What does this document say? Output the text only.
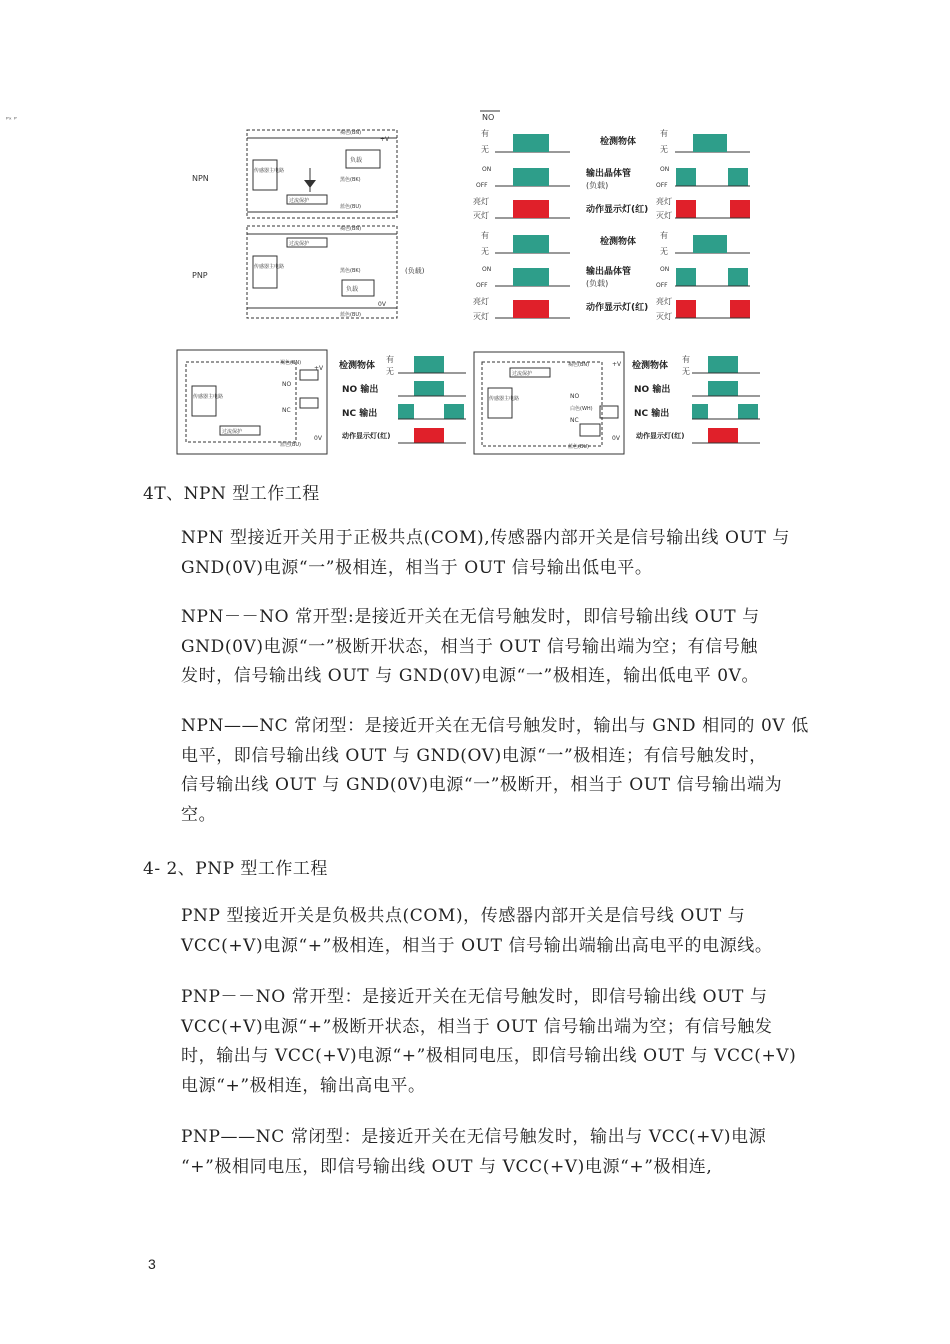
ᴾˣ ᴾ
NPN
传感器主电路
过流保护
负载
褐色(BN)
+V
黑色(BK)
蓝色(BU)
PNP
传感器主电路
过流保护
负载
褐色(BN)
黑色(BK)
蓝色(BU)
0V
(负载)
NO
有
无
ON
OFF
亮灯
灭灯
有
无
ON
OFF
亮灯
灭灯
检测物体
有
无
输出晶体管
(负载)
ON
OFF
动作显示灯(红)
亮灯
灭灯
检测物体
有
无
输出晶体管
(负载)
ON
OFF
动作显示灯(红)
亮灯
灭灯
传感器主电路
过流保护
褐色(BN)
+V
NO
NC
蓝色(BU)
0V
检测物体
有
无
NO 输出
NC 输出
动作显示灯(红)
传感器主电路
过流保护
褐色(BN)	+V
NO
白色(WH)
NC
蓝色(BU)
0V
检测物体
有
无
NO 输出
NC 输出
动作显示灯(红)
4T、NPN 型工作工程

NPN 型接近开关用于正极共点(COM),传感器内部开关是信号输出线 OUT 与

GND(0V)电源“一”极相连，相当于 OUT 信号输出低电平。

NPN－－NO 常开型:是接近开关在无信号触发时，即信号输出线 OUT 与

GND(0V)电源“一”极断开状态，相当于 OUT 信号输出端为空；有信号触

发时，信号输出线 OUT 与 GND(0V)电源“一”极相连，输出低电平 0V。

NPN——NC 常闭型：是接近开关在无信号触发时，输出与 GND 相同的 0V 低

电平，即信号输出线 OUT 与 GND(OV)电源“一”极相连；有信号触发时，

信号输出线 OUT 与 GND(0V)电源“一”极断开，相当于 OUT 信号输出端为

空。

4- 2、PNP 型工作工程

PNP 型接近开关是负极共点(COM)，传感器内部开关是信号线 OUT 与

VCC(+V)电源“+”极相连，相当于 OUT 信号输出端输出高电平的电源线。

PNP－－NO 常开型：是接近开关在无信号触发时，即信号输出线 OUT 与

VCC(+V)电源“+”极断开状态，相当于 OUT 信号输出端为空；有信号触发

时，输出与 VCC(+V)电源“+”极相同电压，即信号输出线 OUT 与 VCC(+V)

电源“+”极相连，输出高电平。

PNP——NC 常闭型：是接近开关在无信号触发时，输出与 VCC(+V)电源

“+”极相同电压，即信号输出线 OUT 与 VCC(+V)电源“+”极相连,

3
